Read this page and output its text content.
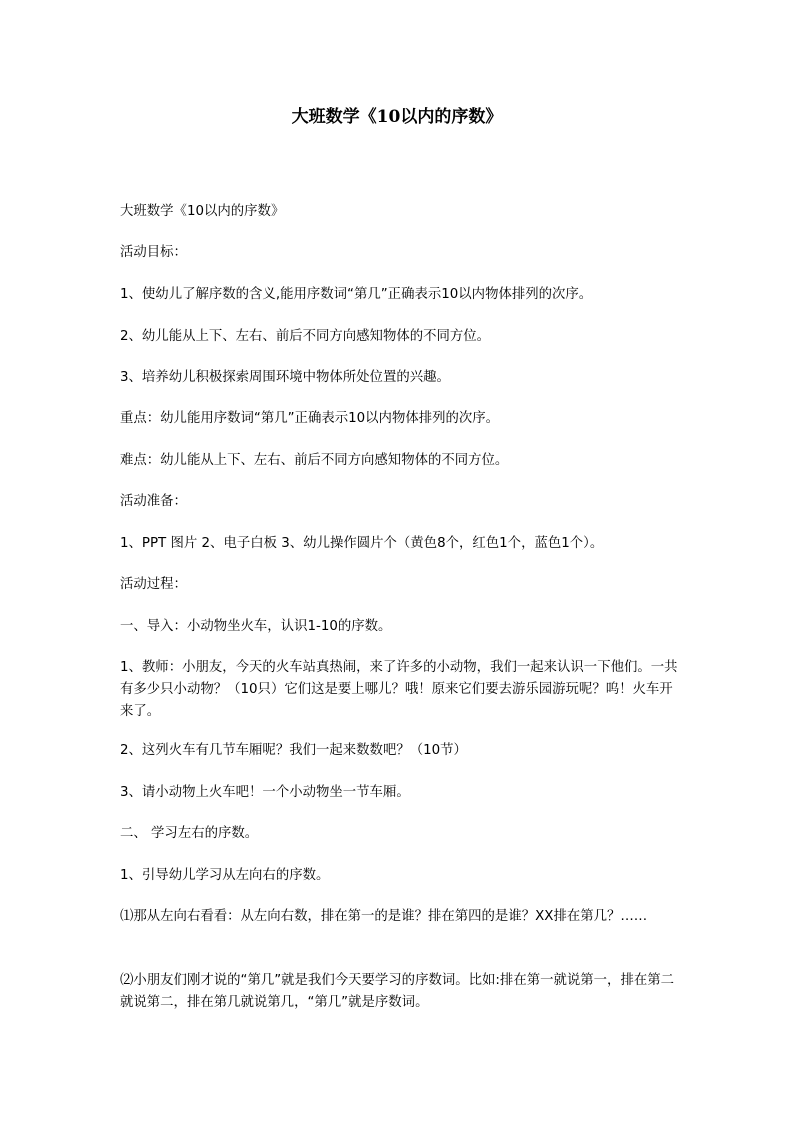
大班数学《10以内的序数》
大班数学《10以内的序数》
活动目标：
1、使幼儿了解序数的含义,能用序数词“第几”正确表示10以内物体排列的次序。
2、幼儿能从上下、左右、前后不同方向感知物体的不同方位。
3、培养幼儿积极探索周围环境中物体所处位置的兴趣。
重点：幼儿能用序数词“第几”正确表示10以内物体排列的次序。
难点：幼儿能从上下、左右、前后不同方向感知物体的不同方位。
活动准备：
1、PPT 图片 2、电子白板 3、幼儿操作圆片个（黄色8个，红色1个，蓝色1个）。
活动过程：
一、导入：小动物坐火车，认识1-10的序数。
1、教师：小朋友，今天的火车站真热闹，来了许多的小动物，我们一起来认识一下他们。一共有多少只小动物？（10只）它们这是要上哪儿？哦！原来它们要去游乐园游玩呢？呜！火车开来了。
2、这列火车有几节车厢呢？我们一起来数数吧？（10节）
3、请小动物上火车吧！一个小动物坐一节车厢。
二、 学习左右的序数。
1、引导幼儿学习从左向右的序数。
⑴那从左向右看看：从左向右数，排在第一的是谁？排在第四的是谁？ⅩⅩ排在第几？……
⑵小朋友们刚才说的“第几”就是我们今天要学习的序数词。比如:排在第一就说第一，排在第二就说第二，排在第几就说第几，“第几”就是序数词。
